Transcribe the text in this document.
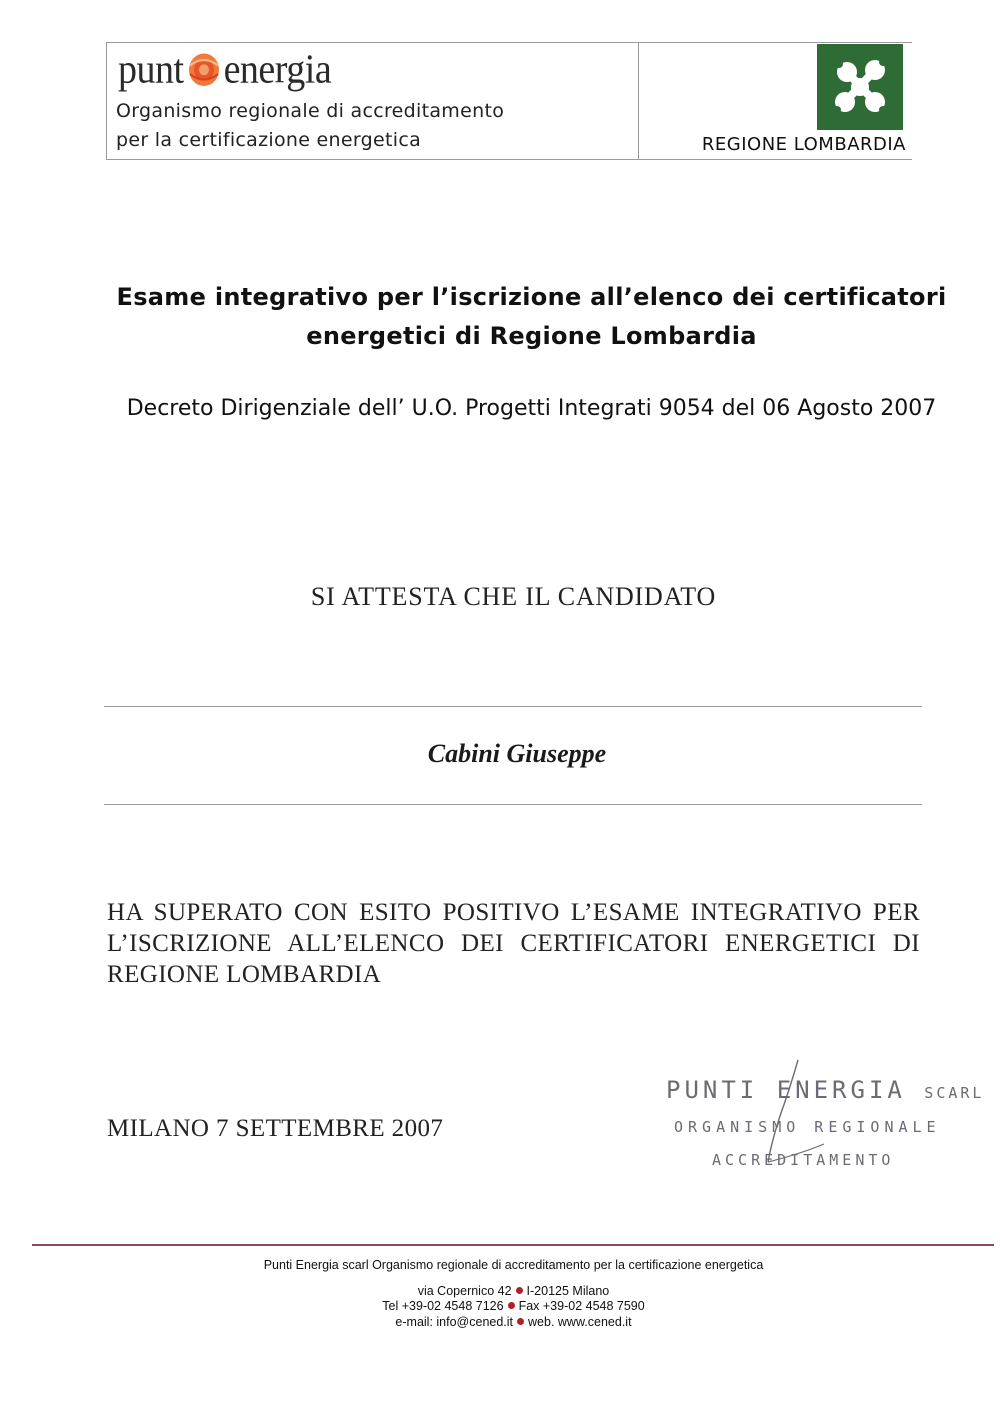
punt energia
Organismo regionale di accreditamento
per la certificazione energetica	REGIONE LOMBARDIA
Esame integrativo per l’iscrizione all’elenco dei certificatori
energetici di Regione Lombardia
Decreto Dirigenziale dell’ U.O. Progetti Integrati 9054 del 06 Agosto 2007
SI ATTESTA CHE IL CANDIDATO
Cabini Giuseppe
HA SUPERATO CON ESITO POSITIVO L’ESAME INTEGRATIVO PER L’ISCRIZIONE ALL’ELENCO DEI CERTIFICATORI ENERGETICI DI REGIONE LOMBARDIA
MILANO 7 SETTEMBRE 2007
PUNTI ENERGIA SCARL
ORGANISMO REGIONALE
ACCREDITAMENTO
Punti Energia scarl Organismo regionale di accreditamento per la certificazione energetica
via Copernico 42 I-20125 Milano
Tel +39-02 4548 7126 Fax +39-02 4548 7590
e-mail: info@cened.it web. www.cened.it
